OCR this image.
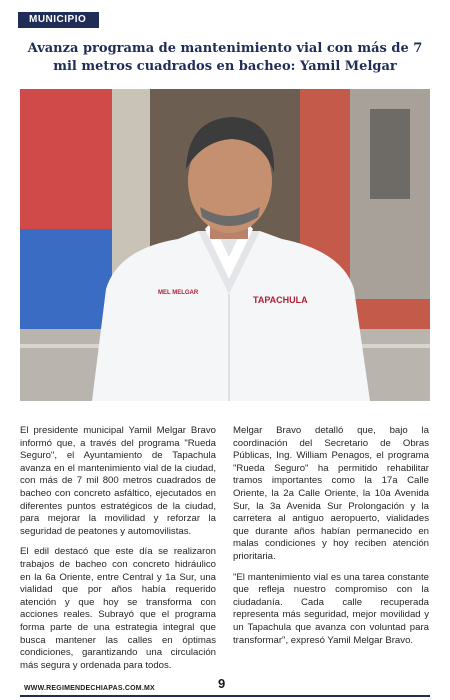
MUNICIPIO
Avanza programa de mantenimiento vial con más de 7 mil metros cuadrados en bacheo: Yamil Melgar
MEL MELGAR
TAPACHULA

El presidente municipal Yamil Melgar Bravo informó que, a través del programa "Rueda Seguro", el Ayuntamiento de Tapachula avanza en el mantenimiento vial de la ciudad, con más de 7 mil 800 metros cuadrados de bacheo con concreto asfáltico, ejecutados en diferentes puntos estratégicos de la ciudad, para mejorar la movilidad y reforzar la seguridad de peatones y automovilistas.

El edil destacó que este día se realizaron trabajos de bacheo con concreto hidráulico en la 6a Oriente, entre Central y 1a Sur, una vialidad que por años había requerido atención y que hoy se transforma con acciones reales. Subrayó que el programa forma parte de una estrategia integral que busca mantener las calles en óptimas condiciones, garantizando una circulación más segura y ordenada para todos.

Melgar Bravo detalló que, bajo la coordinación del Secretario de Obras Públicas, Ing. William Penagos, el programa "Rueda Seguro" ha permitido rehabilitar tramos importantes como la 17a Calle Oriente, la 2a Calle Oriente, la 10a Avenida Sur, la 3a Avenida Sur Prolongación y la carretera al antiguo aeropuerto, vialidades que durante años habían permanecido en malas condiciones y hoy reciben atención prioritaria.

"El mantenimiento vial es una tarea constante que refleja nuestro compromiso con la ciudadanía. Cada calle recuperada representa más seguridad, mejor movilidad y un Tapachula que avanza con voluntad para transformar", expresó Yamil Melgar Bravo.

WWW.REGIMENDECHIAPAS.COM.MX	9
